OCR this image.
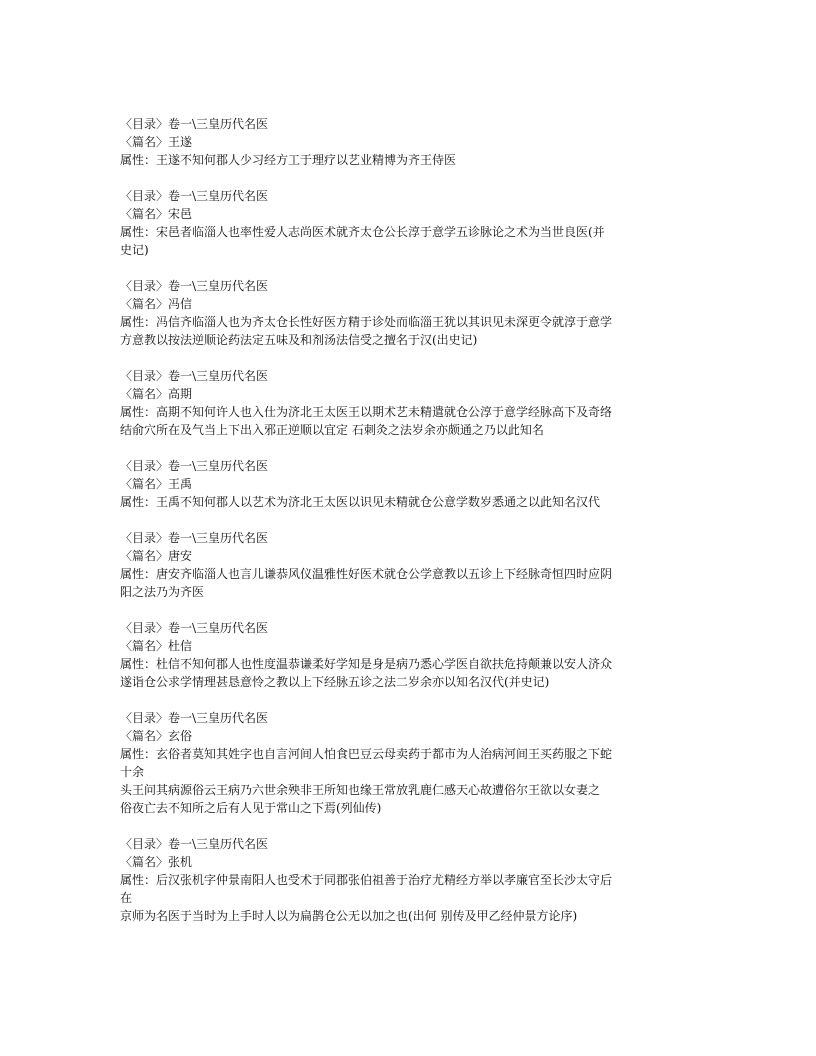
〈目录〉卷一\三皇历代名医
〈篇名〉王遂
属性：王遂不知何郡人少习经方工于理疗以艺业精博为齐王侍医
〈目录〉卷一\三皇历代名医
〈篇名〉宋邑
属性：宋邑者临淄人也率性爱人志尚医术就齐太仓公长淳于意学五诊脉论之术为当世良医(并
史记)
〈目录〉卷一\三皇历代名医
〈篇名〉冯信
属性：冯信齐临淄人也为齐太仓长性好医方精于诊处而临淄王犹以其识见未深更令就淳于意学
方意教以按法逆顺论药法定五味及和剂汤法信受之擅名于汉(出史记)
〈目录〉卷一\三皇历代名医
〈篇名〉高期
属性：高期不知何许人也入仕为济北王太医王以期术艺未精遣就仓公淳于意学经脉高下及奇络
结俞穴所在及气当上下出入邪正逆顺以宜定 石刺灸之法岁余亦颇通之乃以此知名
〈目录〉卷一\三皇历代名医
〈篇名〉王禹
属性：王禹不知何郡人以艺术为济北王太医以识见未精就仓公意学数岁悉通之以此知名汉代
〈目录〉卷一\三皇历代名医
〈篇名〉唐安
属性：唐安齐临淄人也言儿谦恭风仪温雅性好医术就仓公学意教以五诊上下经脉奇恒四时应阴
阳之法乃为齐医
〈目录〉卷一\三皇历代名医
〈篇名〉杜信
属性：杜信不知何郡人也性度温恭谦柔好学知是身是病乃悉心学医自欲扶危持颠兼以安人济众
遂诣仓公求学情理甚恳意怜之教以上下经脉五诊之法二岁余亦以知名汉代(并史记)
〈目录〉卷一\三皇历代名医
〈篇名〉玄俗
属性：玄俗者莫知其姓字也自言河间人怕食巴豆云母卖药于都市为人治病河间王买药服之下蛇
十余
头王问其病源俗云王病乃六世余殃非王所知也缘王常放乳鹿仁感天心故遭俗尔王欲以女妻之
俗夜亡去不知所之后有人见于常山之下焉(列仙传)
〈目录〉卷一\三皇历代名医
〈篇名〉张机
属性：后汉张机字仲景南阳人也受术于同郡张伯祖善于治疗尤精经方举以孝廉官至长沙太守后
在
京师为名医于当时为上手时人以为扁鹊仓公无以加之也(出何 别传及甲乙经仲景方论序)
